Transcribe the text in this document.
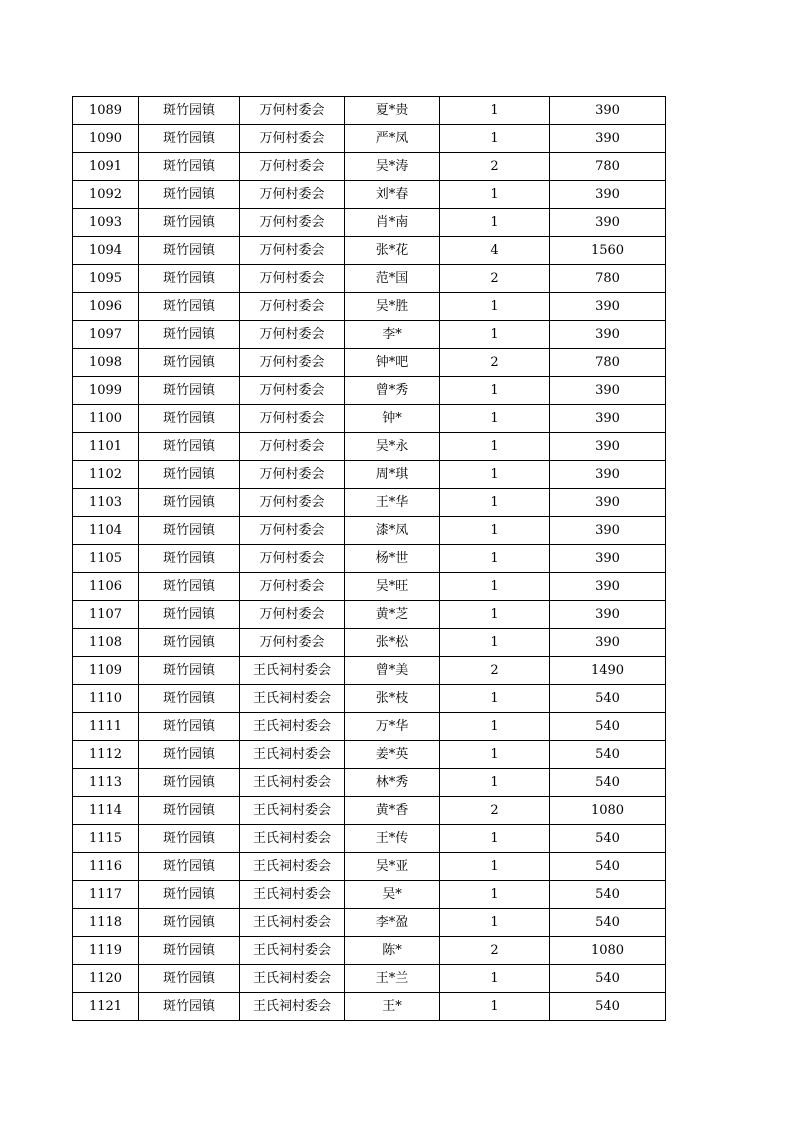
1089	斑竹园镇	万何村委会	夏*贵	1	390
1090	斑竹园镇	万何村委会	严*凤	1	390
1091	斑竹园镇	万何村委会	吴*涛	2	780
1092	斑竹园镇	万何村委会	刘*春	1	390
1093	斑竹园镇	万何村委会	肖*南	1	390
1094	斑竹园镇	万何村委会	张*花	4	1560
1095	斑竹园镇	万何村委会	范*国	2	780
1096	斑竹园镇	万何村委会	吴*胜	1	390
1097	斑竹园镇	万何村委会	李*	1	390
1098	斑竹园镇	万何村委会	钟*吧	2	780
1099	斑竹园镇	万何村委会	曾*秀	1	390
1100	斑竹园镇	万何村委会	钟*	1	390
1101	斑竹园镇	万何村委会	吴*永	1	390
1102	斑竹园镇	万何村委会	周*琪	1	390
1103	斑竹园镇	万何村委会	王*华	1	390
1104	斑竹园镇	万何村委会	漆*凤	1	390
1105	斑竹园镇	万何村委会	杨*世	1	390
1106	斑竹园镇	万何村委会	吴*旺	1	390
1107	斑竹园镇	万何村委会	黄*芝	1	390
1108	斑竹园镇	万何村委会	张*松	1	390
1109	斑竹园镇	王氏祠村委会	曾*美	2	1490
1110	斑竹园镇	王氏祠村委会	张*枝	1	540
1111	斑竹园镇	王氏祠村委会	万*华	1	540
1112	斑竹园镇	王氏祠村委会	姜*英	1	540
1113	斑竹园镇	王氏祠村委会	林*秀	1	540
1114	斑竹园镇	王氏祠村委会	黄*香	2	1080
1115	斑竹园镇	王氏祠村委会	王*传	1	540
1116	斑竹园镇	王氏祠村委会	吴*亚	1	540
1117	斑竹园镇	王氏祠村委会	吴*	1	540
1118	斑竹园镇	王氏祠村委会	李*盈	1	540
1119	斑竹园镇	王氏祠村委会	陈*	2	1080
1120	斑竹园镇	王氏祠村委会	王*兰	1	540
1121	斑竹园镇	王氏祠村委会	王*	1	540
